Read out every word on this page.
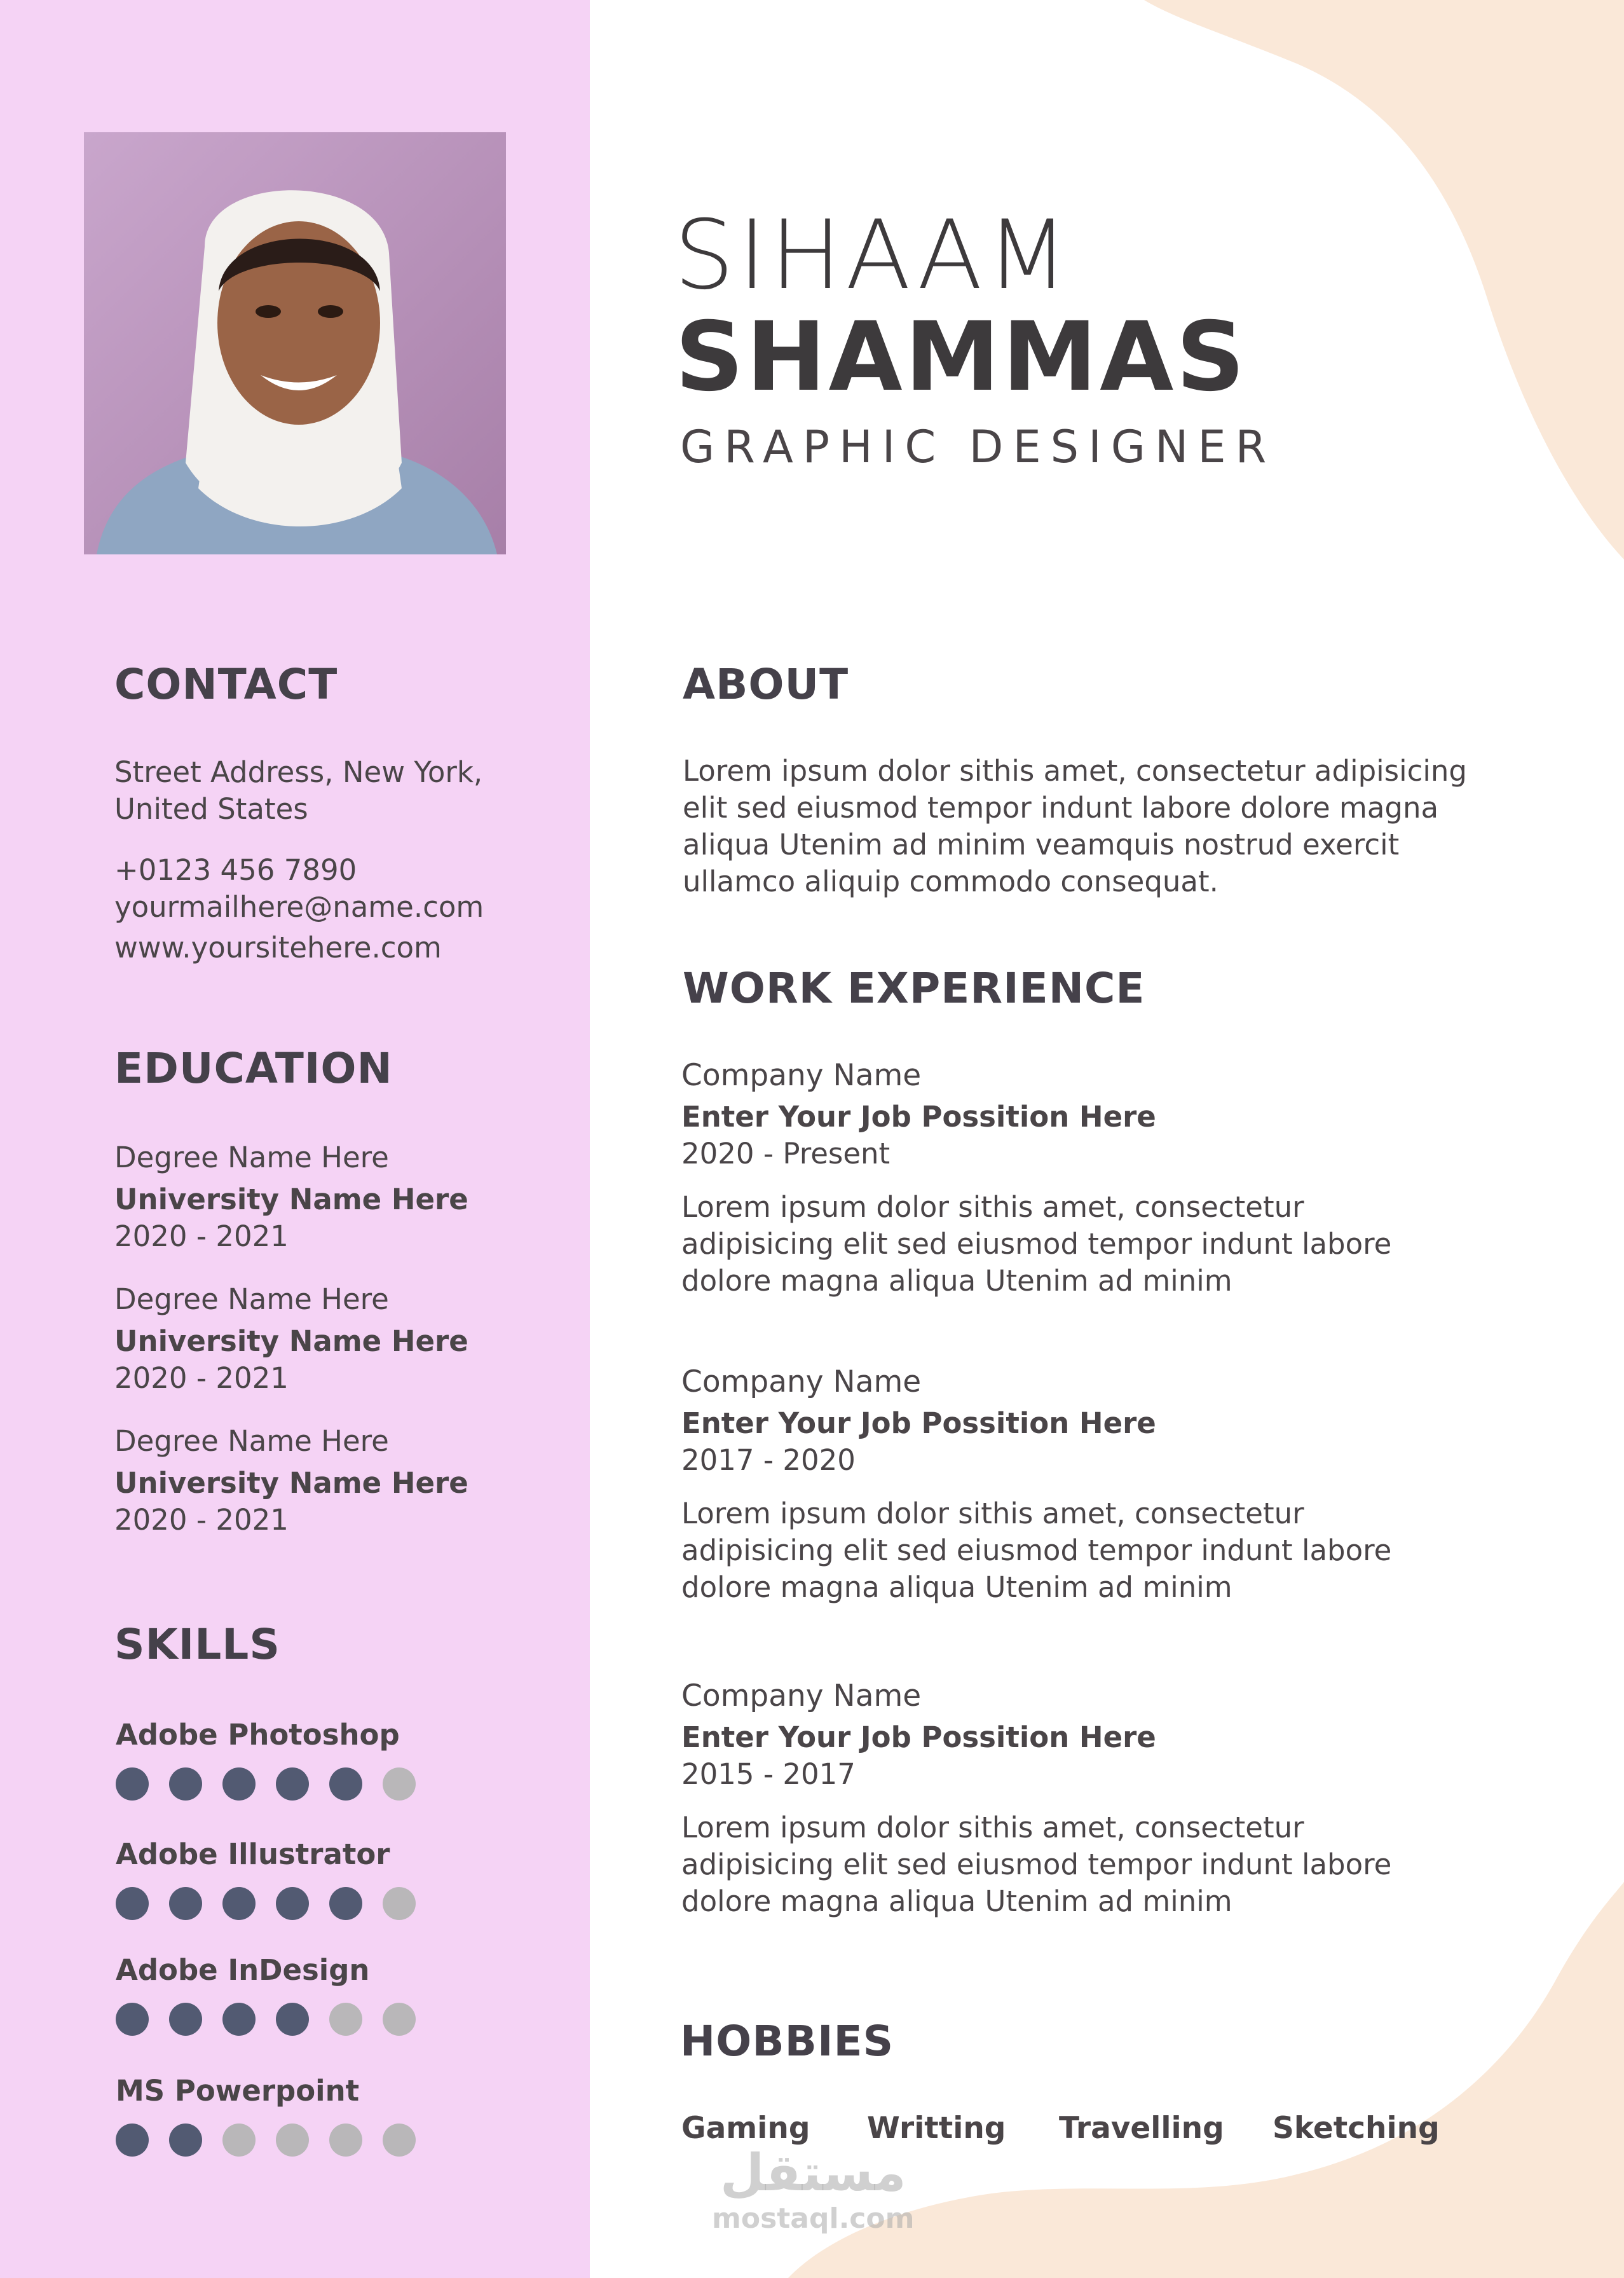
SIHAAM
SHAMMAS
GRAPHIC DESIGNER
CONTACT
Street Address, New York, United States
+0123 456 7890
yourmailhere@name.com
www.yoursitehere.com
EDUCATION
Degree Name Here
University Name Here
2020 - 2021
Degree Name Here
University Name Here
2020 - 2021
Degree Name Here
University Name Here
2020 - 2021
SKILLS
Adobe Photoshop
Adobe Illustrator
Adobe InDesign
MS Powerpoint
ABOUT
Lorem ipsum dolor sithis amet, consectetur adipisicing
elit sed eiusmod tempor indunt labore dolore magna
aliqua Utenim ad minim veamquis nostrud exercit
ullamco aliquip commodo consequat.
WORK EXPERIENCE
Company Name
Enter Your Job Possition Here
2020 - Present
Lorem ipsum dolor sithis amet, consectetur
adipisicing elit sed eiusmod tempor indunt labore
dolore magna aliqua Utenim ad minim
Company Name
Enter Your Job Possition Here
2017 - 2020
Lorem ipsum dolor sithis amet, consectetur
adipisicing elit sed eiusmod tempor indunt labore
dolore magna aliqua Utenim ad minim
Company Name
Enter Your Job Possition Here
2015 - 2017
Lorem ipsum dolor sithis amet, consectetur
adipisicing elit sed eiusmod tempor indunt labore
dolore magna aliqua Utenim ad minim
HOBBIES
Gaming	Writting	Travelling	Sketching
مستقل
mostaql.com
